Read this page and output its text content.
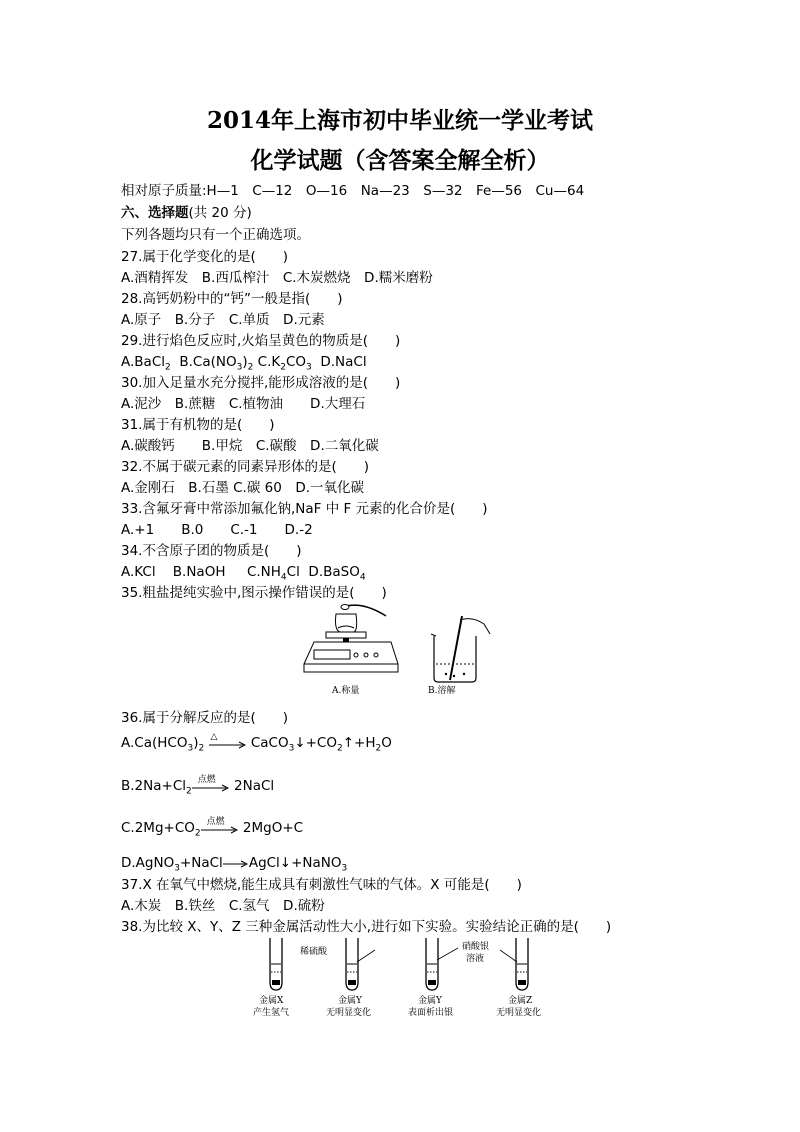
2014年上海市初中毕业统一学业考试
化学试题（含答案全解全析）
相对原子质量:H—1　C—12　O—16　Na—23　S—32　Fe—56　Cu—64
六、选择题(共 20 分)
下列各题均只有一个正确选项。
27.属于化学变化的是(　　)
A.酒精挥发　B.西瓜榨汁　C.木炭燃烧　D.糯米磨粉
28.高钙奶粉中的“钙”一般是指(　　)
A.原子　B.分子　C.单质　D.元素
29.进行焰色反应时,火焰呈黄色的物质是(　　)
A.BaCl$_2$ $B.Ca(NO_3)_2$ $C.K_2CO_3$ D.NaCl
30.加入足量水充分搅拌,能形成溶液的是(　　)
A.泥沙　B.蔗糖　C.植物油　　D.大理石
31.属于有机物的是(　　)
A.碳酸钙　　B.甲烷　C.碳酸　D.二氧化碳
32.不属于碳元素的同素异形体的是(　　)
A.金刚石　B.石墨 C.碳 60　D.一氧化碳
33.含氟牙膏中常添加氟化钠,NaF 中 F 元素的化合价是(　　)
A.+1　　B.0　　C.-1　　D.-2
34.不含原子团的物质是(　　)
A.KCl B.NaOH $C.NH_4Cl$ D.BaSO$_4$
35.粗盐提纯实验中,图示操作错误的是(　　)
A.称量	B.溶解
36.属于分解反应的是(　　)
$A.Ca(HCO_3)_2$
△ $CaCO_3↓+CO_2↑+H_2O$
$B.2Na+Cl_2$
点燃 2NaCl
$C.2Mg+CO_2$
点燃 2MgO+C
D.AgNO$_3$+NaCl AgCl↓+NaNO$_3$
37.X 在氧气中燃烧,能生成具有刺激性气味的气体。X 可能是(　　)
A.木炭　B.铁丝　C.氢气　D.硫粉
38.为比较 X、Y、Z 三种金属活动性大小,进行如下实验。实验结论正确的是(　　)
稀硫酸	硝酸银
溶液
金属X
产生氢气
金属Y
无明显变化
金属Y
表面析出银
金属Z
无明显变化
